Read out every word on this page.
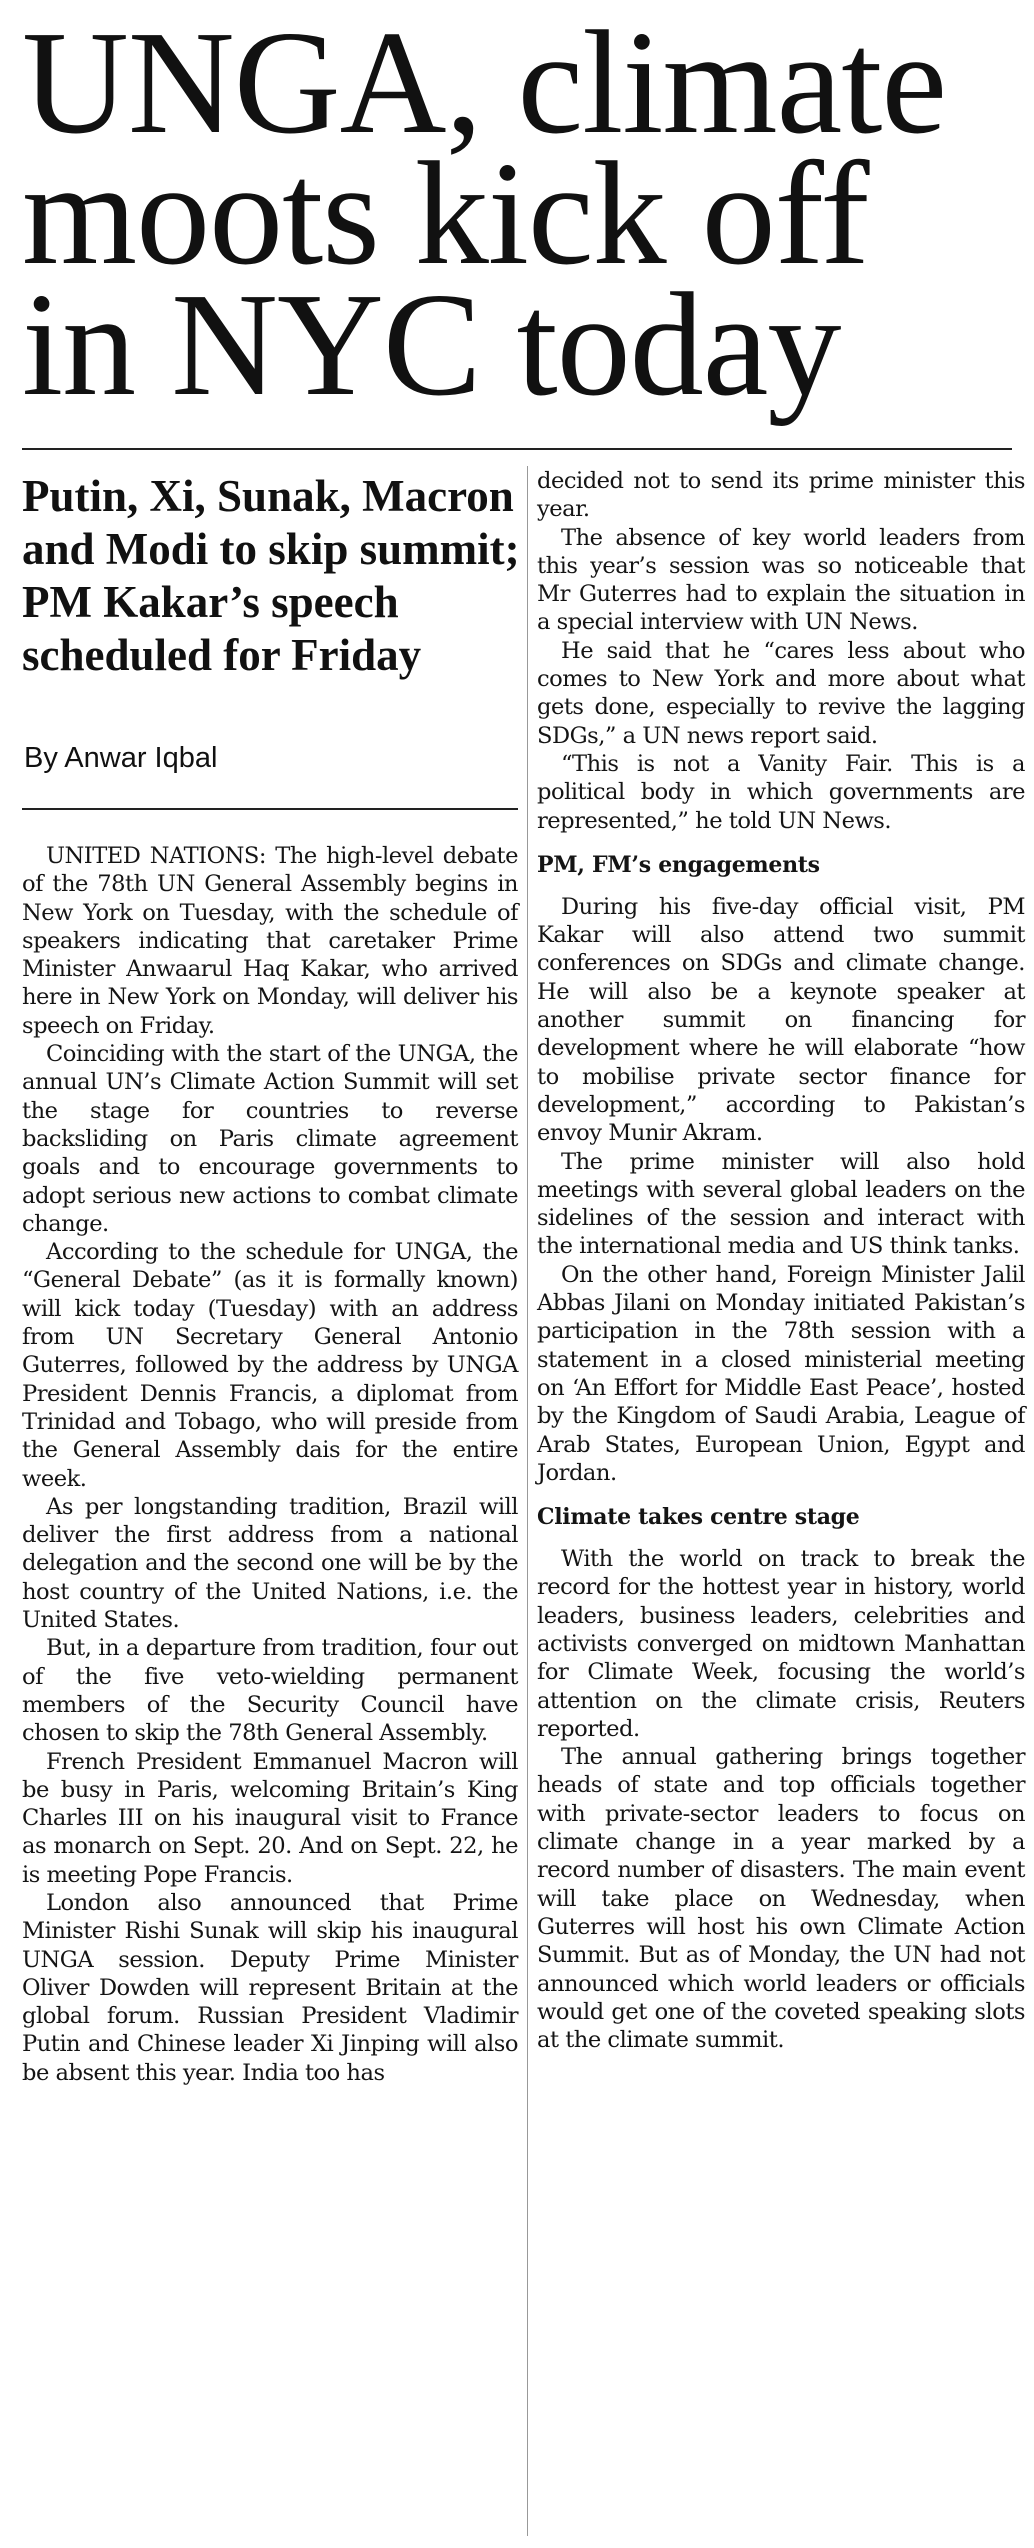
UNGA, climate moots kick off in NYC today
Putin, Xi, Sunak, Macron and Modi to skip summit; PM Kakar’s speech scheduled for Friday

By Anwar Iqbal

UNITED NATIONS: The high-level debate of the 78th UN General Assembly begins in New York on Tuesday, with the schedule of speakers indicating that caretaker Prime Minister Anwaarul Haq Kakar, who arrived here in New York on Monday, will deliver his speech on Friday.

Coinciding with the start of the UNGA, the annual UN’s Climate Action Summit will set the stage for countries to reverse backsliding on Paris climate agreement goals and to encourage governments to adopt serious new actions to combat climate change.

According to the schedule for UNGA, the “General Debate” (as it is formally known) will kick today (Tuesday) with an address from UN Secretary General Antonio Guterres, followed by the address by UNGA President Dennis Francis, a diplomat from Trinidad and Tobago, who will preside from the General Assembly dais for the entire week.

As per longstanding tradition, Brazil will deliver the first address from a national delegation and the second one will be by the host country of the United Nations, i.e. the United States.

But, in a departure from tradition, four out of the five veto-wielding permanent members of the Security Council have chosen to skip the 78th General Assembly.

French President Emmanuel Macron will be busy in Paris, welcoming Britain’s King Charles III on his inaugural visit to France as monarch on Sept. 20. And on Sept. 22, he is meeting Pope Francis.

London also announced that Prime Minister Rishi Sunak will skip his inaugural UNGA session. Deputy Prime Minister Oliver Dowden will represent Britain at the global forum. Russian President Vladimir Putin and Chinese leader Xi Jinping will also be absent this year. India too has

decided not to send its prime minister this year.

The absence of key world leaders from this year’s session was so noticeable that Mr Guterres had to explain the situation in a special interview with UN News.

He said that he “cares less about who comes to New York and more about what gets done, especially to revive the lagging SDGs,” a UN news report said.

“This is not a Vanity Fair. This is a political body in which governments are represented,” he told UN News.

PM, FM’s engagements

During his five-day official visit, PM Kakar will also attend two summit conferences on SDGs and climate change. He will also be a keynote speaker at another summit on financing for development where he will elaborate “how to mobilise private sector finance for development,” according to Pakistan’s envoy Munir Akram.

The prime minister will also hold meetings with several global leaders on the sidelines of the session and interact with the international media and US think tanks.

On the other hand, Foreign Minister Jalil Abbas Jilani on Monday initiated Pakistan’s participation in the 78th session with a statement in a closed ministerial meeting on ‘An Effort for Middle East Peace’, hosted by the Kingdom of Saudi Arabia, League of Arab States, European Union, Egypt and Jordan.

Climate takes centre stage

With the world on track to break the record for the hottest year in history, world leaders, business leaders, celebrities and activists converged on midtown Manhattan for Climate Week, focusing the world’s attention on the climate crisis, Reuters reported.

The annual gathering brings together heads of state and top officials together with private-sector leaders to focus on climate change in a year marked by a record number of disasters. The main event will take place on Wednesday, when Guterres will host his own Climate Action Summit. But as of Monday, the UN had not announced which world leaders or officials would get one of the coveted speaking slots at the climate summit.
